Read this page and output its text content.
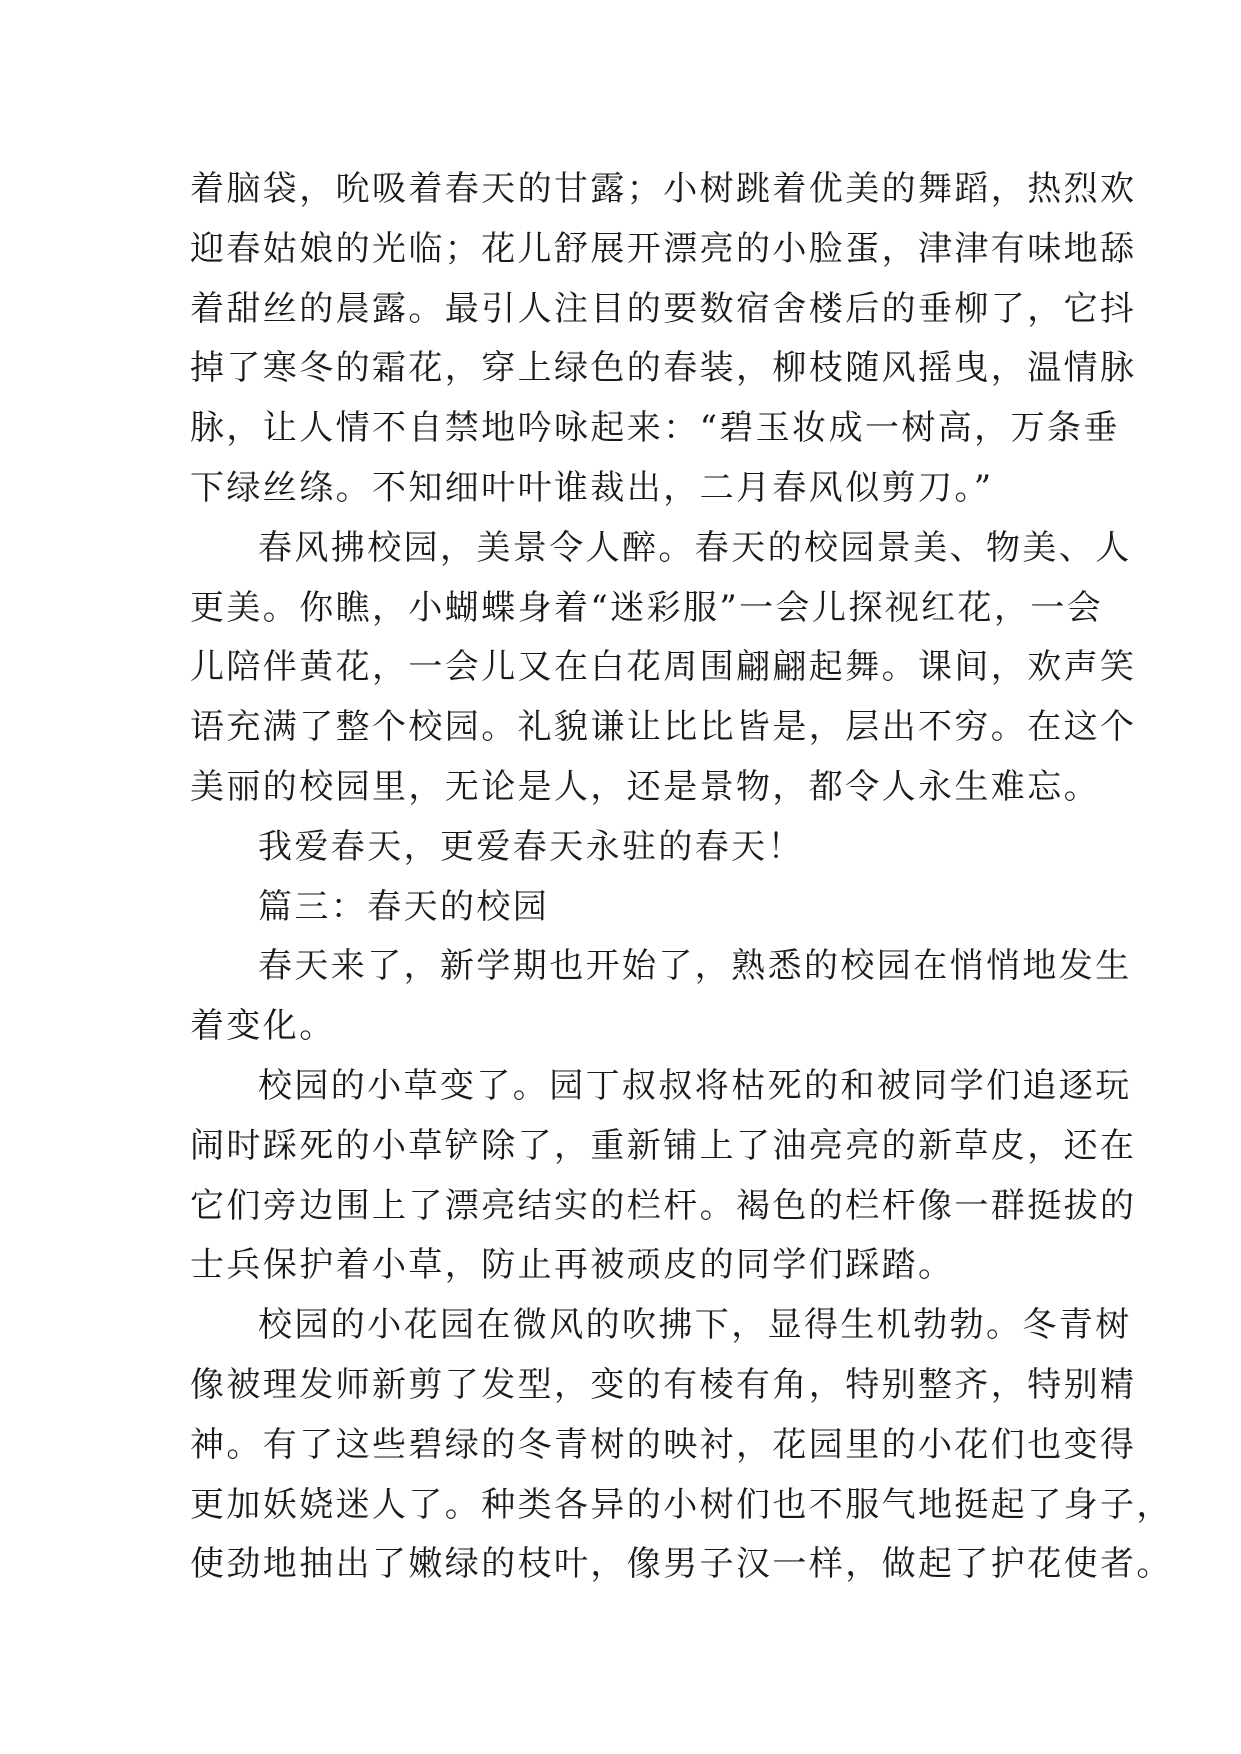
着脑袋，吮吸着春天的甘露；小树跳着优美的舞蹈，热烈欢
迎春姑娘的光临；花儿舒展开漂亮的小脸蛋，津津有味地舔
着甜丝的晨露。最引人注目的要数宿舍楼后的垂柳了，它抖
掉了寒冬的霜花，穿上绿色的春装，柳枝随风摇曳，温情脉
脉，让人情不自禁地吟咏起来：“碧玉妆成一树高，万条垂
下绿丝绦。不知细叶叶谁裁出，二月春风似剪刀。”

春风拂校园，美景令人醉。春天的校园景美、物美、人
更美。你瞧，小蝴蝶身着“迷彩服”一会儿探视红花，一会
儿陪伴黄花，一会儿又在白花周围翩翩起舞。课间，欢声笑
语充满了整个校园。礼貌谦让比比皆是，层出不穷。在这个
美丽的校园里，无论是人，还是景物，都令人永生难忘。

我爱春天，更爱春天永驻的春天！

篇三：春天的校园

春天来了，新学期也开始了，熟悉的校园在悄悄地发生
着变化。

校园的小草变了。园丁叔叔将枯死的和被同学们追逐玩
闹时踩死的小草铲除了，重新铺上了油亮亮的新草皮，还在
它们旁边围上了漂亮结实的栏杆。褐色的栏杆像一群挺拔的
士兵保护着小草，防止再被顽皮的同学们踩踏。

校园的小花园在微风的吹拂下，显得生机勃勃。冬青树
像被理发师新剪了发型，变的有棱有角，特别整齐，特别精
神。有了这些碧绿的冬青树的映衬，花园里的小花们也变得
更加妖娆迷人了。种类各异的小树们也不服气地挺起了身子，
使劲地抽出了嫩绿的枝叶，像男子汉一样，做起了护花使者。
